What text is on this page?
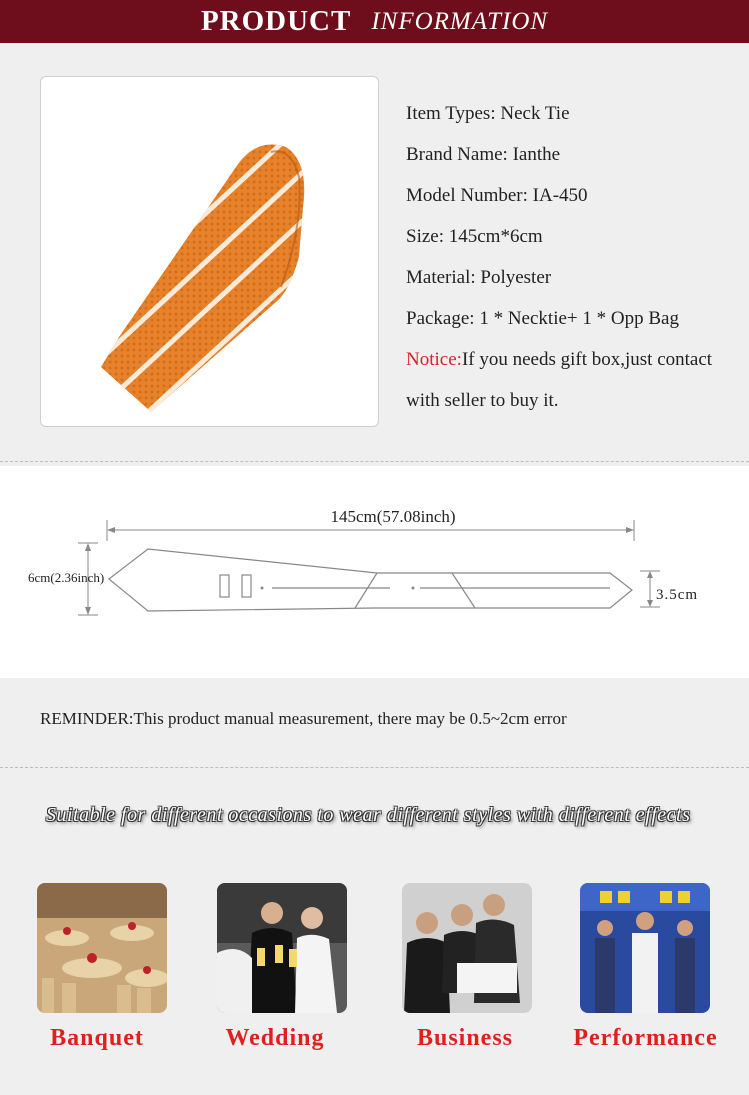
PRODUCT INFORMATION
Item Types: Neck Tie
Brand Name: Ianthe
Model Number: IA-450
Size: 145cm*6cm
Material: Polyester
Package: 1 * Necktie+ 1 * Opp Bag
Notice:If you needs gift box,just contact
with seller to buy it.
145cm(57.08inch)
6cm(2.36inch)
3.5cm
REMINDER:This product manual measurement, there may be 0.5~2cm error
Suitable for different occasions to wear different styles with different effects
Banquet	Wedding	Business	Performance
